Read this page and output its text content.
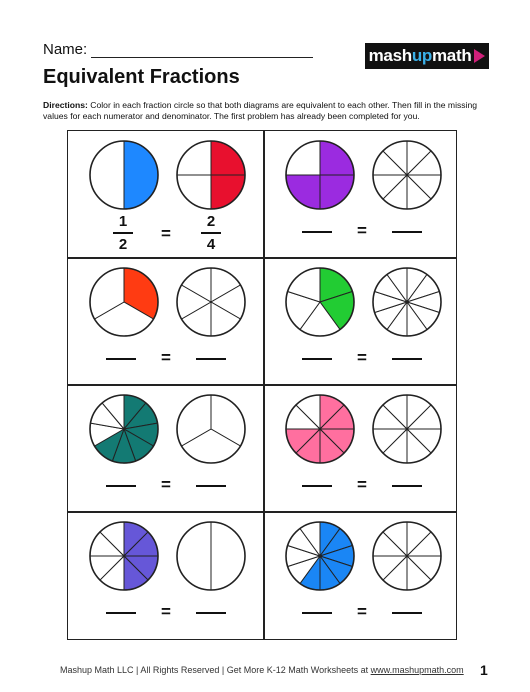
Name:	mash up math
Equivalent Fractions

Directions: Color in each fraction circle so that both diagrams are equivalent to each other. Then fill in the missing values for each numerator and denominator. The first problem has already been completed for you.

1
2
2
4
=	=
=	=
=	=
=	=
Mashup Math LLC | All Rights Reserved | Get More K-12 Math Worksheets at www.mashupmath.com 1
